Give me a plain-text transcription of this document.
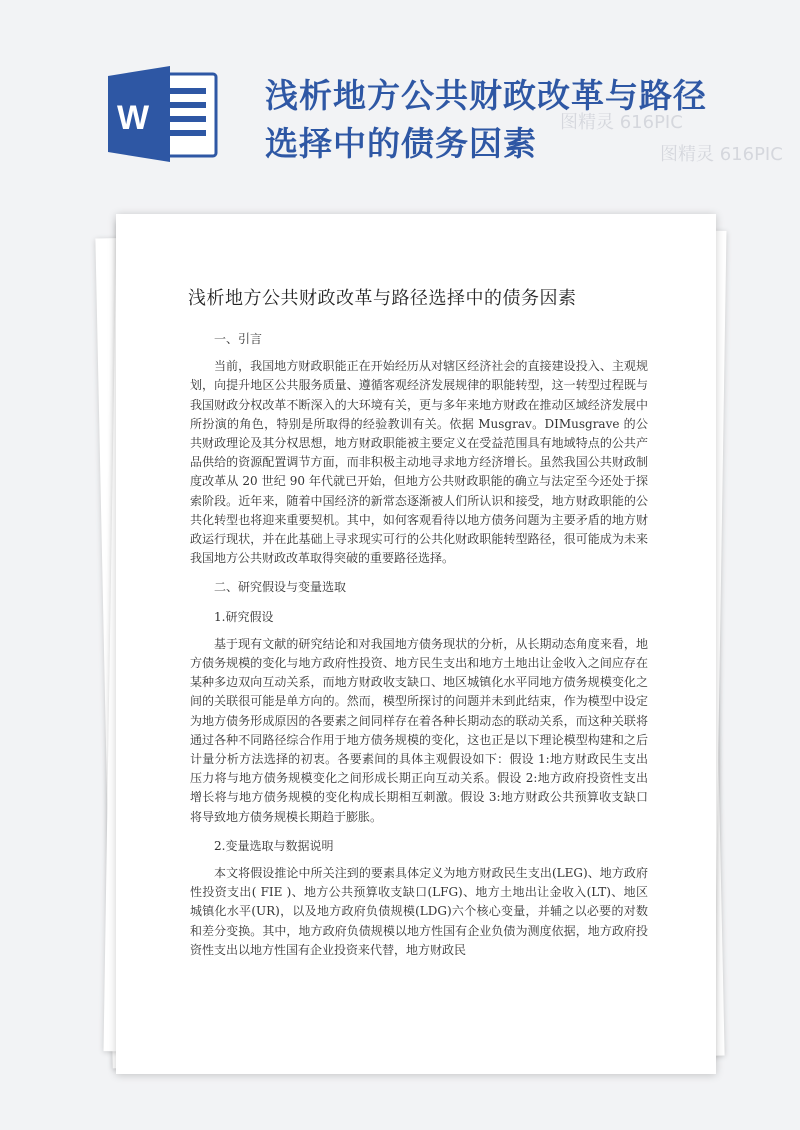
W
浅析地方公共财政改革与路径
选择中的债务因素
图精灵 616PIC
图精灵 616PIC
浅析地方公共财政改革与路径选择中的债务因素
一、引言

当前，我国地方财政职能正在开始经历从对辖区经济社会的直接建设投入、主观规划，向提升地区公共服务质量、遵循客观经济发展规律的职能转型，这一转型过程既与我国财政分权改革不断深入的大环境有关，更与多年来地方财政在推动区域经济发展中所扮演的角色，特别是所取得的经验教训有关。依据 Musgrav。DIMusgrave 的公共财政理论及其分权思想，地方财政职能被主要定义在受益范围具有地域特点的公共产品供给的资源配置调节方面，而非积极主动地寻求地方经济增长。虽然我国公共财政制度改革从 20 世纪 90 年代就已开始，但地方公共财政职能的确立与法定至今还处于探索阶段。近年来，随着中国经济的新常态逐渐被人们所认识和接受，地方财政职能的公共化转型也将迎来重要契机。其中，如何客观看待以地方债务问题为主要矛盾的地方财政运行现状，并在此基础上寻求现实可行的公共化财政职能转型路径，很可能成为未来我国地方公共财政改革取得突破的重要路径选择。

二、研究假设与变量选取
1.研究假设

基于现有文献的研究结论和对我国地方债务现状的分析，从长期动态角度来看，地方债务规模的变化与地方政府性投资、地方民生支出和地方土地出让金收入之间应存在某种多边双向互动关系，而地方财政收支缺口、地区城镇化水平同地方债务规模变化之间的关联很可能是单方向的。然而，模型所探讨的问题并未到此结束，作为模型中设定为地方债务形成原因的各要素之间同样存在着各种长期动态的联动关系，而这种关联将通过各种不同路径综合作用于地方债务规模的变化，这也正是以下理论模型构建和之后计量分析方法选择的初衷。各要素间的具体主观假设如下：假设 1:地方财政民生支出压力将与地方债务规模变化之间形成长期正向互动关系。假设 2:地方政府投资性支出增长将与地方债务规模的变化构成长期相互刺激。假设 3:地方财政公共预算收支缺口将导致地方债务规模长期趋于膨胀。

2.变量选取与数据说明

本文将假设推论中所关注到的要素具体定义为地方财政民生支出(LEG)、地方政府性投资支出( FIE )、地方公共预算收支缺口(LFG)、地方土地出让金收入(LT)、地区城镇化水平(UR)，以及地方政府负债规模(LDG)六个核心变量，并辅之以必要的对数和差分变换。其中，地方政府负债规模以地方性国有企业负债为测度依据，地方政府投资性支出以地方性国有企业投资来代替，地方财政民
